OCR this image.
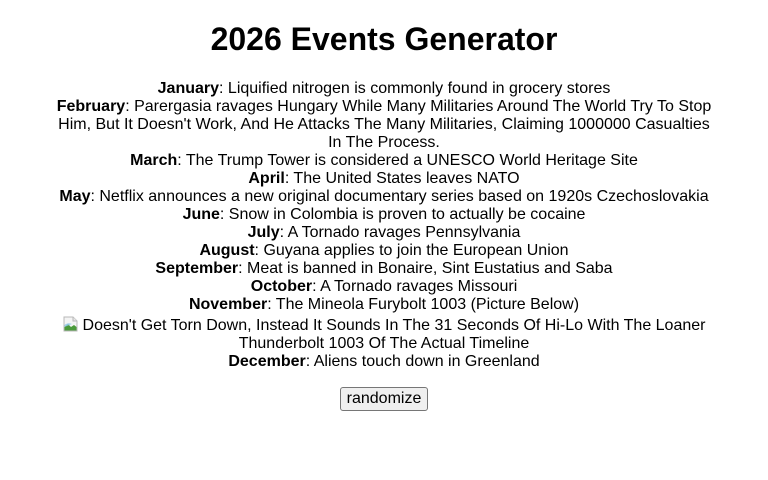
2026 Events Generator
January: Liquified nitrogen is commonly found in grocery stores
February: Parergasia ravages Hungary While Many Militaries Around The World Try To Stop Him, But It Doesn't Work, And He Attacks The Many Militaries, Claiming 1000000 Casualties In The Process.
March: The Trump Tower is considered a UNESCO World Heritage Site
April: The United States leaves NATO
May: Netflix announces a new original documentary series based on 1920s Czechoslovakia
June: Snow in Colombia is proven to actually be cocaine
July: A Tornado ravages Pennsylvania
August: Guyana applies to join the European Union
September: Meat is banned in Bonaire, Sint Eustatius and Saba
October: A Tornado ravages Missouri
November: The Mineola Furybolt 1003 (Picture Below)
Doesn't Get Torn Down, Instead It Sounds In The 31 Seconds Of Hi-Lo With The Loaner Thunderbolt 1003 Of The Actual Timeline
December: Aliens touch down in Greenland
randomize
